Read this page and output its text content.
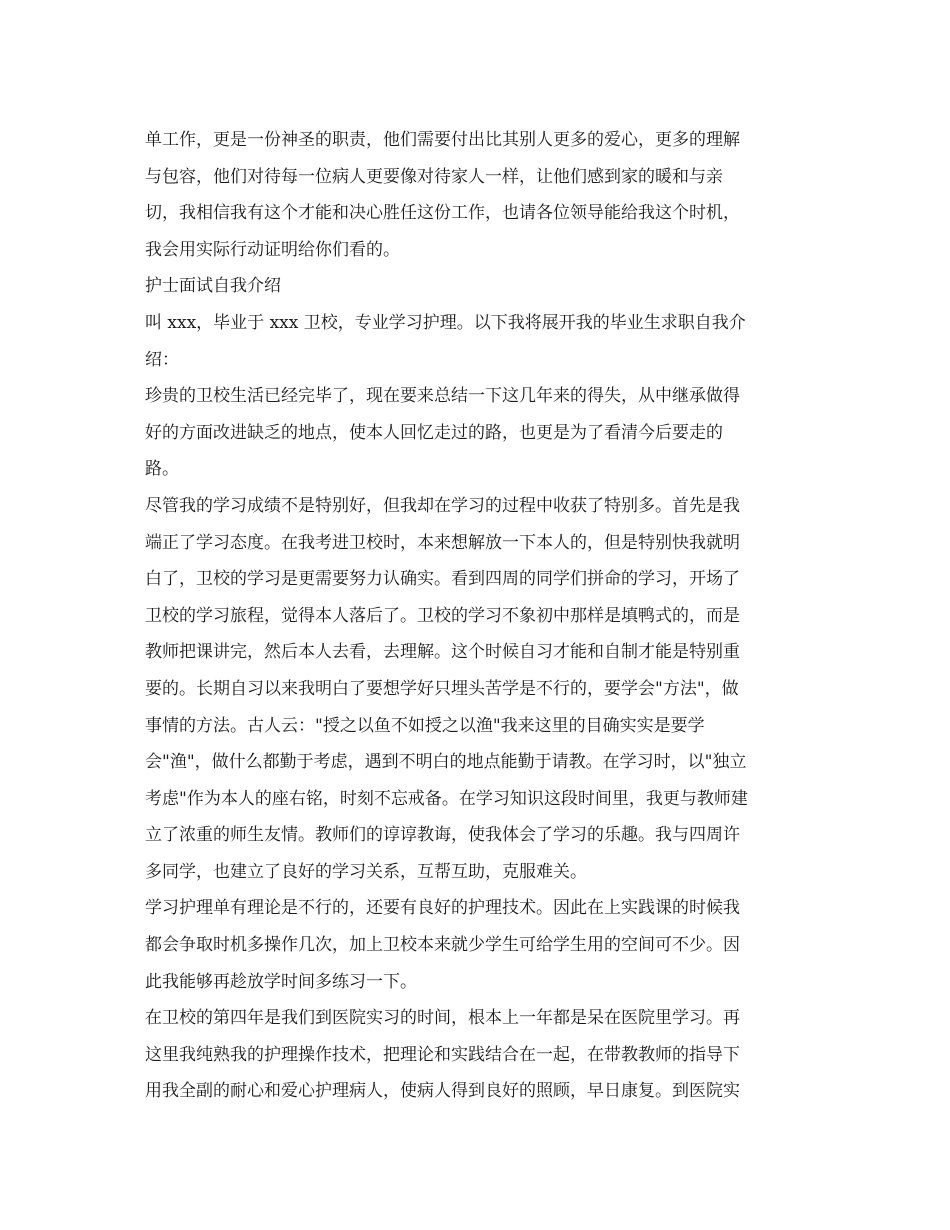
单工作，更是一份神圣的职责，他们需要付出比其别人更多的爱心，更多的理解

与包容，他们对待每一位病人更要像对待家人一样，让他们感到家的暖和与亲

切，我相信我有这个才能和决心胜任这份工作，也请各位领导能给我这个时机，

我会用实际行动证明给你们看的。

护士面试自我介绍

叫 xxx，毕业于 xxx 卫校，专业学习护理。以下我将展开我的毕业生求职自我介

绍：

珍贵的卫校生活已经完毕了，现在要来总结一下这几年来的得失，从中继承做得

好的方面改进缺乏的地点，使本人回忆走过的路，也更是为了看清今后要走的

路。

尽管我的学习成绩不是特别好，但我却在学习的过程中收获了特别多。首先是我

端正了学习态度。在我考进卫校时，本来想解放一下本人的，但是特别快我就明

白了，卫校的学习是更需要努力认确实。看到四周的同学们拼命的学习，开场了

卫校的学习旅程，觉得本人落后了。卫校的学习不象初中那样是填鸭式的，而是

教师把课讲完，然后本人去看，去理解。这个时候自习才能和自制才能是特别重

要的。长期自习以来我明白了要想学好只埋头苦学是不行的，要学会"方法"，做

事情的方法。古人云："授之以鱼不如授之以渔"我来这里的目确实实是要学

会"渔"，做什么都勤于考虑，遇到不明白的地点能勤于请教。在学习时，以"独立

考虑"作为本人的座右铭，时刻不忘戒备。在学习知识这段时间里，我更与教师建

立了浓重的师生友情。教师们的谆谆教诲，使我体会了学习的乐趣。我与四周许

多同学，也建立了良好的学习关系，互帮互助，克服难关。

学习护理单有理论是不行的，还要有良好的护理技术。因此在上实践课的时候我

都会争取时机多操作几次，加上卫校本来就少学生可给学生用的空间可不少。因

此我能够再趁放学时间多练习一下。

在卫校的第四年是我们到医院实习的时间，根本上一年都是呆在医院里学习。再

这里我纯熟我的护理操作技术，把理论和实践结合在一起，在带教教师的指导下

用我全副的耐心和爱心护理病人，使病人得到良好的照顾，早日康复。到医院实
